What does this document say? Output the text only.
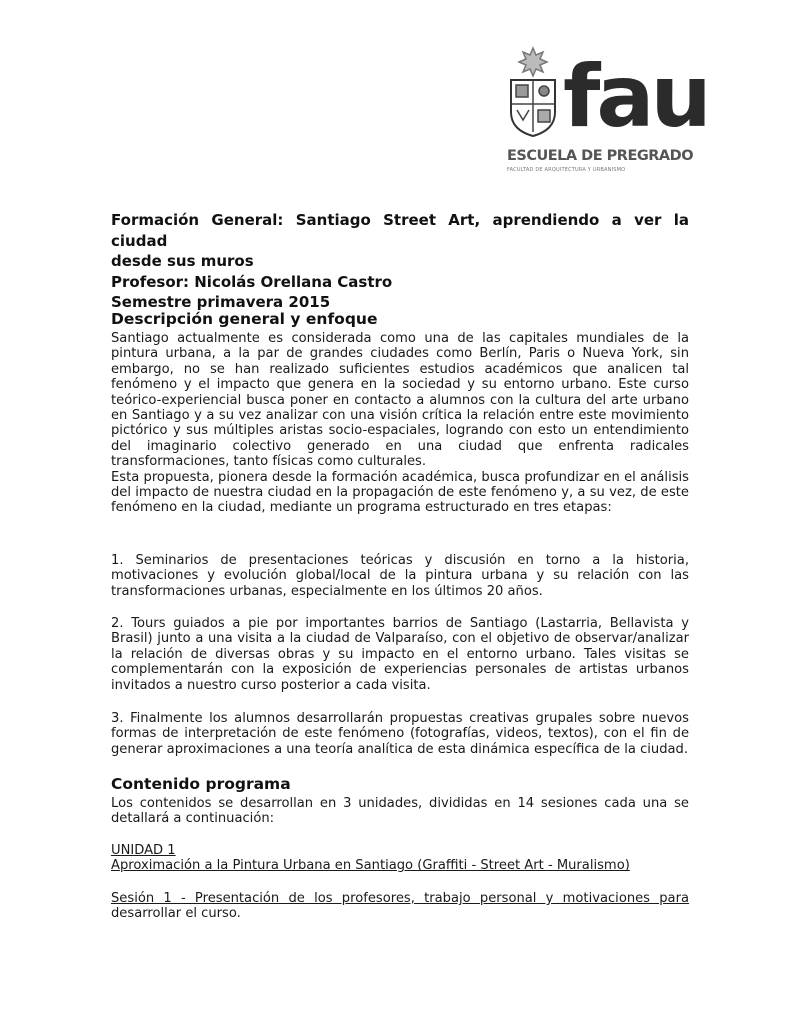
fau
ESCUELA DE PREGRADO
FACULTAD DE ARQUITECTURA Y URBANISMO
Formación General: Santiago Street Art, aprendiendo a ver la ciudad
desde sus muros
Profesor: Nicolás Orellana Castro
Semestre primavera 2015
Descripción general y enfoque

Santiago actualmente es considerada como una de las capitales mundiales de la pintura urbana, a la par de grandes ciudades como Berlín, Paris o Nueva York, sin embargo, no se han realizado suficientes estudios académicos que analicen tal fenómeno y el impacto que genera en la sociedad y su entorno urbano. Este curso teórico-experiencial busca poner en contacto a alumnos con la cultura del arte urbano en Santiago y a su vez analizar con una visión crítica la relación entre este movimiento pictórico y sus múltiples aristas socio-espaciales, logrando con esto un entendimiento del imaginario colectivo generado en una ciudad que enfrenta radicales transformaciones, tanto físicas como culturales.

Esta propuesta, pionera desde la formación académica, busca profundizar en el análisis del impacto de nuestra ciudad en la propagación de este fenómeno y, a su vez, de este fenómeno en la ciudad, mediante un programa estructurado en tres etapas:

1. Seminarios de presentaciones teóricas y discusión en torno a la historia, motivaciones y evolución global/local de la pintura urbana y su relación con las transformaciones urbanas, especialmente en los últimos 20 años.

2. Tours guiados a pie por importantes barrios de Santiago (Lastarria, Bellavista y Brasil) junto a una visita a la ciudad de Valparaíso, con el objetivo de observar/analizar la relación de diversas obras y su impacto en el entorno urbano. Tales visitas se complementarán con la exposición de experiencias personales de artistas urbanos invitados a nuestro curso posterior a cada visita.

3. Finalmente los alumnos desarrollarán propuestas creativas grupales sobre nuevos formas de interpretación de este fenómeno (fotografías, videos, textos), con el fin de generar aproximaciones a una teoría analítica de esta dinámica específica de la ciudad.

Contenido programa

Los contenidos se desarrollan en 3 unidades, divididas en 14 sesiones cada una se detallará a continuación:

UNIDAD 1

Aproximación a la Pintura Urbana en Santiago (Graffiti - Street Art - Muralismo)

Sesión 1 - Presentación de los profesores, trabajo personal y motivaciones para

desarrollar el curso.
